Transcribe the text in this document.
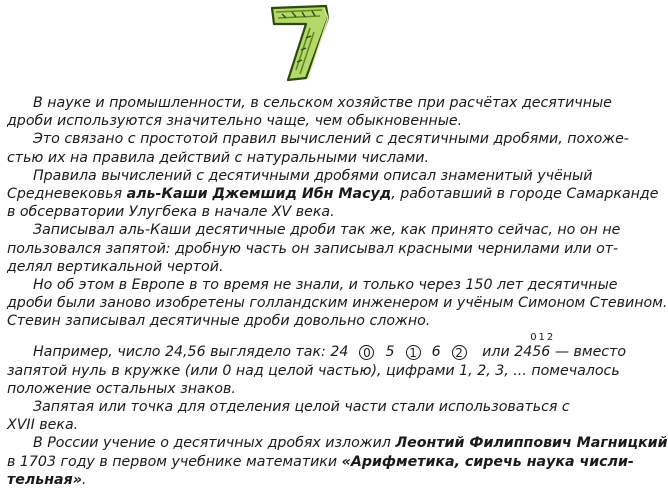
В науке и промышленности, в сельском хозяйстве при расчётах десятичные
дроби используются значительно чаще, чем обыкновенные.
Это связано с простотой правил вычислений с десятичными дробями, похоже-
стью их на правила действий с натуральными числами.
Правила вычислений с десятичными дробями описал знаменитый учёный
Средневековья аль-Каши Джемшид Ибн Масуд, работавший в городе Самарканде
в обсерватории Улугбека в начале XV века.
Записывал аль-Каши десятичные дроби так же, как принято сейчас, но он не
пользовался запятой: дробную часть он записывал красными чернилами или от-
делял вертикальной чертой.
Но об этом в Европе в то время не знали, и только через 150 лет десятичные
дроби были заново изобретены голландским инженером и учёным Симоном Стевином.
Стевин записывал десятичные дроби довольно сложно.
Например, число 24,56 выглядело так: 24 0 5 1 6 2 или
012
2456 — вместо
запятой нуль в кружке (или 0 над целой частью), цифрами 1, 2, 3, ... помечалось
положение остальных знаков.
Запятая или точка для отделения целой части стали использоваться с
XVII века.
В России учение о десятичных дробях изложил Леонтий Филиппович Магницкий
в 1703 году в первом учебнике математики «Арифметика, сиречь наука числи-
тельная».
